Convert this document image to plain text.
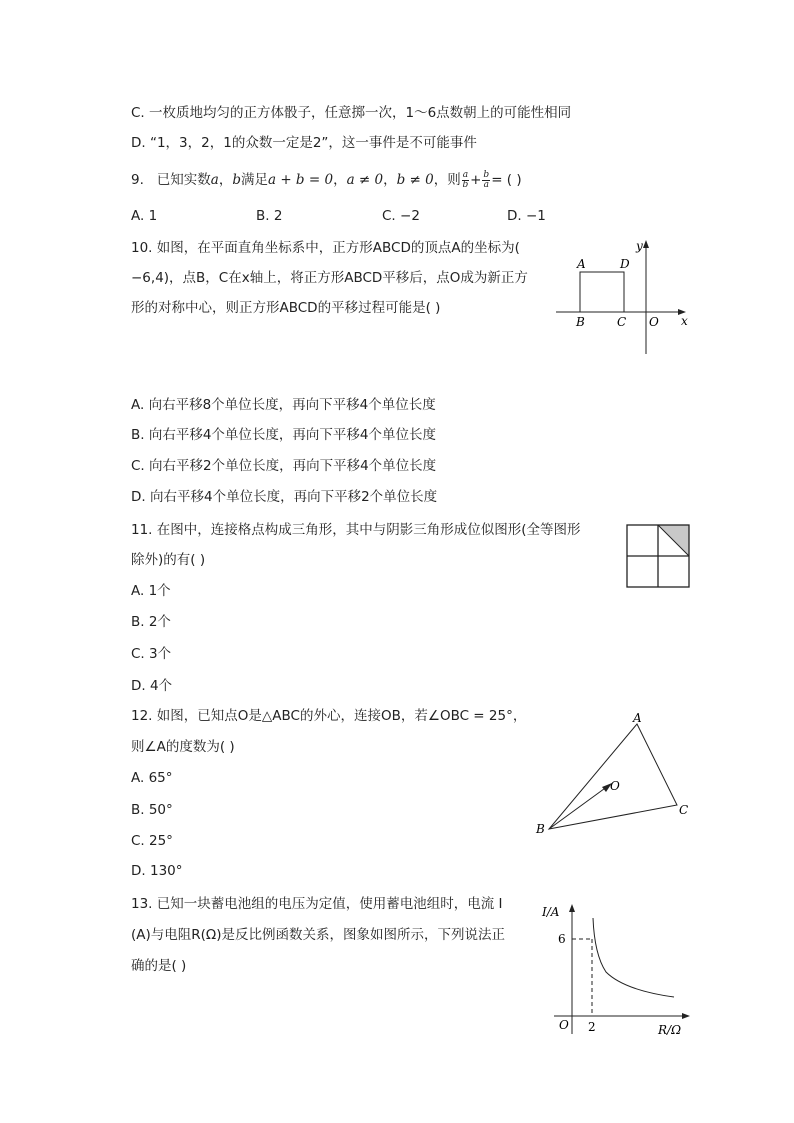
C. 一枚质地均匀的正方体骰子，任意掷一次，1～6点数朝上的可能性相同
D. “1，3，2，1的众数一定是2”，这一事件是不可能事件
9. 已知实数a，b满足a + b = 0，a ≠ 0，b ≠ 0，则 $\frac{a}{b} + \frac{b}{a}$ = ( )
A. 1	B. 2	C. −2	D. −1
10. 如图，在平面直角坐标系中，正方形ABCD的顶点A的坐标为(
−6,4)，点B，C在x轴上，将正方形ABCD平移后，点O成为新正方
形的对称中心，则正方形ABCD的平移过程可能是( )
A	D
B	C O x
y
A. 向右平移8个单位长度，再向下平移4个单位长度
B. 向右平移4个单位长度，再向下平移4个单位长度
C. 向右平移2个单位长度，再向下平移4个单位长度
D. 向右平移4个单位长度，再向下平移2个单位长度
11. 在图中，连接格点构成三角形，其中与阴影三角形成位似图形(全等图形
除外)的有( )
A. 1个
B. 2个
C. 3个
D. 4个
12. 如图，已知点O是△ABC的外心，连接OB，若∠OBC = 25°，
则∠A的度数为( )
A
B
C
O
A. 65°
B. 50°
C. 25°
D. 130°
13. 已知一块蓄电池组的电压为定值，使用蓄电池组时，电流 I
(A)与电阻R(Ω)是反比例函数关系，图象如图所示，下列说法正
确的是( )
I/A
R/Ω
O
6
2
